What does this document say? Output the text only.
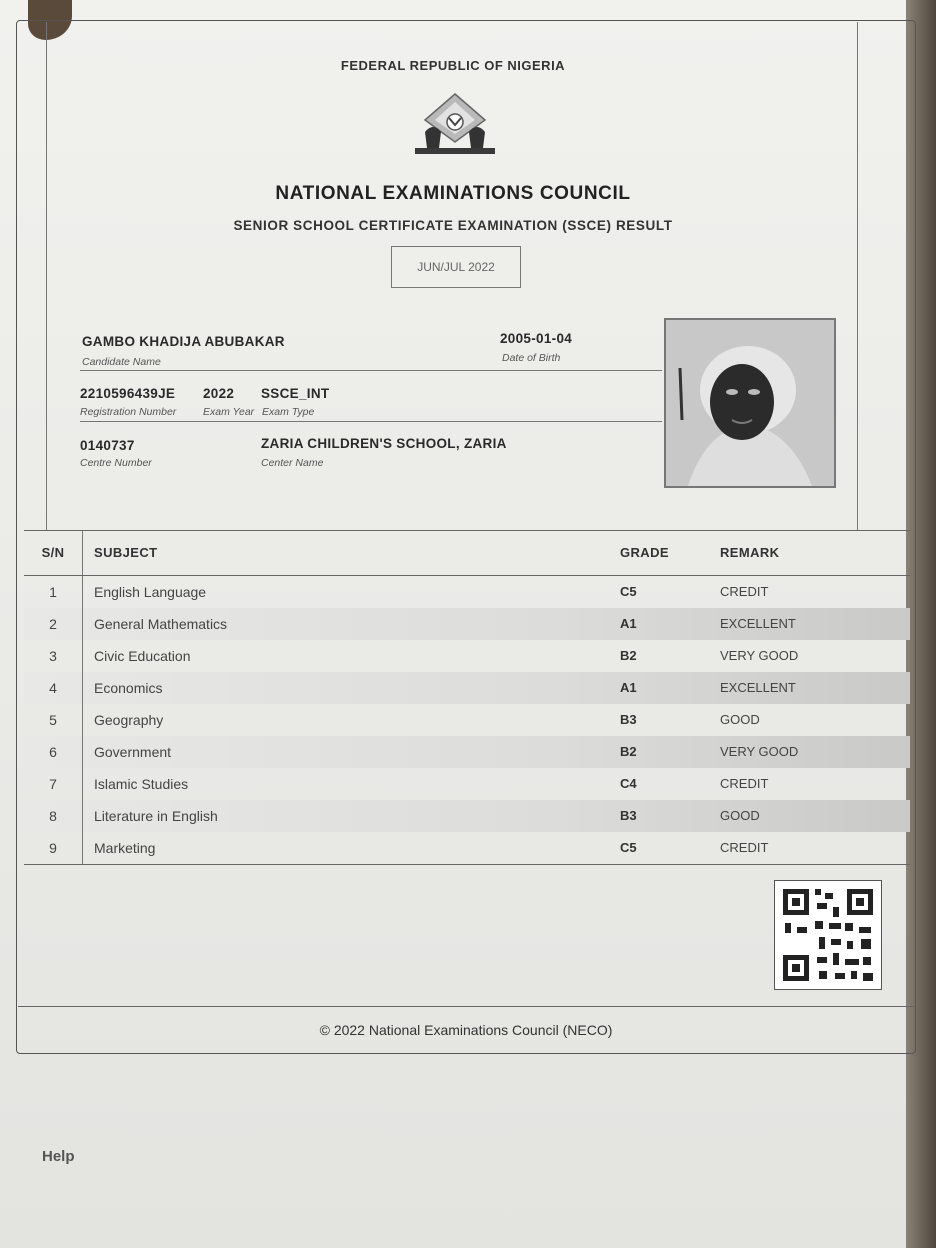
FEDERAL REPUBLIC OF NIGERIA
NATIONAL EXAMINATIONS COUNCIL
SENIOR SCHOOL CERTIFICATE EXAMINATION (SSCE) RESULT
JUN/JUL 2022
GAMBO KHADIJA ABUBAKAR
Candidate Name
2005-01-04
Date of Birth
2210596439JE
Registration Number
2022
Exam Year
SSCE_INT
Exam Type
0140737
Centre Number
ZARIA CHILDREN'S SCHOOL, ZARIA
Center Name
S/N	SUBJECT	GRADE	REMARK
1	English Language	C5	CREDIT
2	General Mathematics	A1	EXCELLENT
3	Civic Education	B2	VERY GOOD
4	Economics	A1	EXCELLENT
5	Geography	B3	GOOD
6	Government	B2	VERY GOOD
7	Islamic Studies	C4	CREDIT
8	Literature in English	B3	GOOD
9	Marketing	C5	CREDIT
© 2022 National Examinations Council (NECO)
Help
